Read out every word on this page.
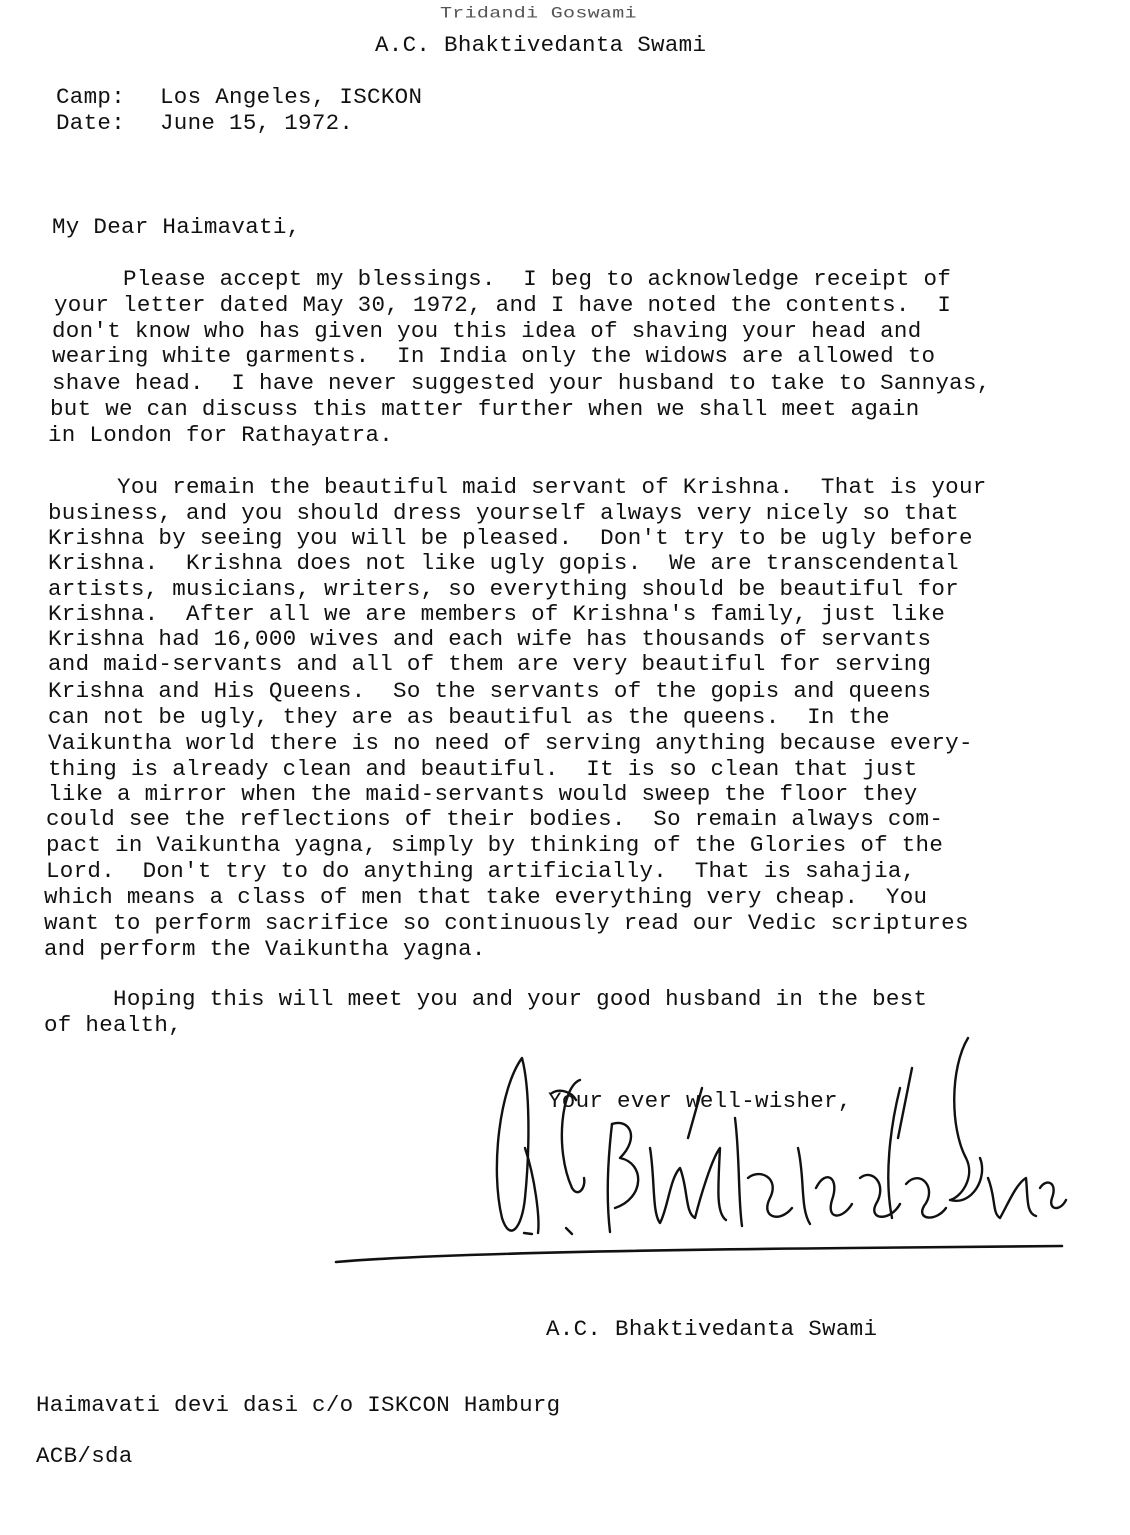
Tridandi Goswami
A.C. Bhaktivedanta Swami
Camp: Los Angeles, ISCKON
Date: June 15, 1972.
My Dear Haimavati,
Please accept my blessings.  I beg to acknowledge receipt of
your letter dated May 30, 1972, and I have noted the contents.  I
don't know who has given you this idea of shaving your head and
wearing white garments.  In India only the widows are allowed to
shave head.  I have never suggested your husband to take to Sannyas,
but we can discuss this matter further when we shall meet again
in London for Rathayatra.
You remain the beautiful maid servant of Krishna.  That is your
business, and you should dress yourself always very nicely so that
Krishna by seeing you will be pleased.  Don't try to be ugly before
Krishna.  Krishna does not like ugly gopis.  We are transcendental
artists, musicians, writers, so everything should be beautiful for
Krishna.  After all we are members of Krishna's family, just like
Krishna had 16,000 wives and each wife has thousands of servants
and maid-servants and all of them are very beautiful for serving
Krishna and His Queens.  So the servants of the gopis and queens
can not be ugly, they are as beautiful as the queens.  In the
Vaikuntha world there is no need of serving anything because every-
thing is already clean and beautiful.  It is so clean that just
like a mirror when the maid-servants would sweep the floor they
could see the reflections of their bodies.  So remain always com-
pact in Vaikuntha yagna, simply by thinking of the Glories of the
Lord.  Don't try to do anything artificially.  That is sahajia,
which means a class of men that take everything very cheap.  You
want to perform sacrifice so continuously read our Vedic scriptures
and perform the Vaikuntha yagna.
Hoping this will meet you and your good husband in the best
of health,
Your ever well-wisher,
A.C. Bhaktivedanta Swami
Haimavati devi dasi c/o ISKCON Hamburg
ACB/sda
